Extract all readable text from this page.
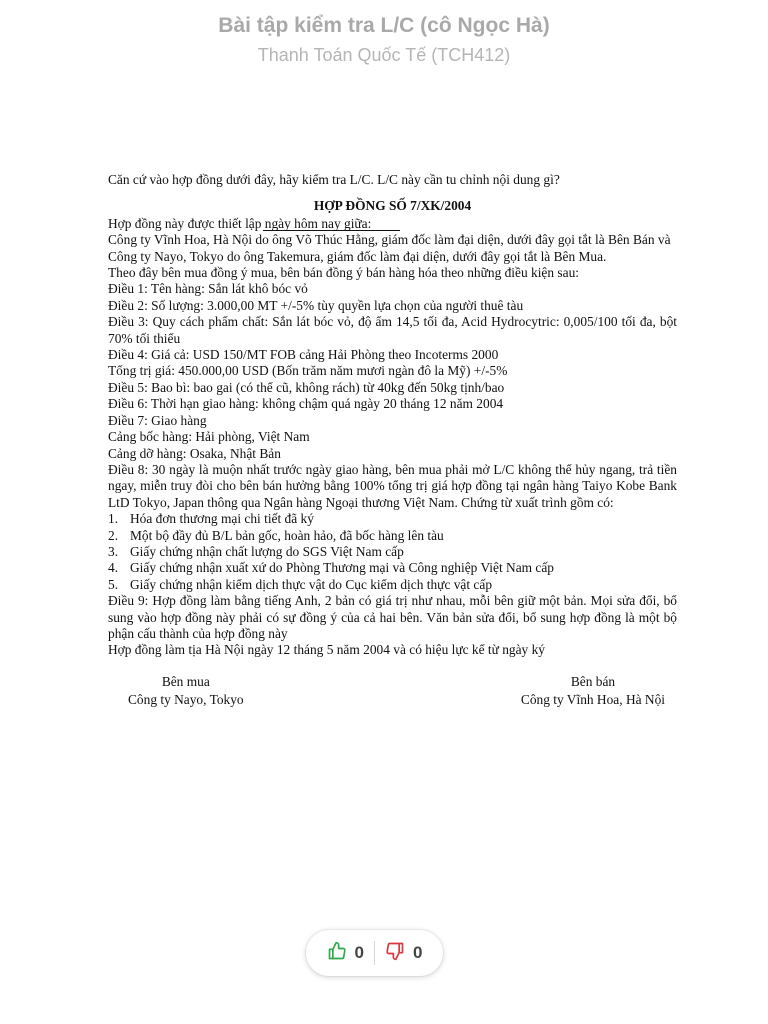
Bài tập kiểm tra L/C (cô Ngọc Hà)
Thanh Toán Quốc Tế (TCH412)
Căn cứ vào hợp đồng dưới đây, hãy kiểm tra L/C. L/C này cần tu chỉnh nội dung gì?
HỢP ĐỒNG SỐ 7/XK/2004
Hợp đồng này được thiết lập ngày hôm nay giữa:
Công ty Vĩnh Hoa, Hà Nội do ông Võ Thúc Hằng, giám đốc làm đại diện, dưới đây gọi tắt là Bên Bán và
Công ty Nayo, Tokyo do ông Takemura, giám đốc làm đại diện, dưới đây gọi tắt là Bên Mua.
Theo đây bên mua đồng ý mua, bên bán đồng ý bán hàng hóa theo những điều kiện sau:
Điều 1: Tên hàng: Sắn lát khô bóc vỏ
Điều 2: Số lượng: 3.000,00 MT +/-5% tùy quyền lựa chọn của người thuê tàu
Điều 3: Quy cách phẩm chất: Sắn lát bóc vỏ, độ ẩm 14,5 tối đa, Acid Hydrocytric: 0,005/100 tối đa, bột 70% tối thiểu
Điều 4: Giá cả: USD 150/MT FOB cảng Hải Phòng theo Incoterms 2000
Tổng trị giá: 450.000,00 USD (Bốn trăm năm mươi ngàn đô la Mỹ) +/-5%
Điều 5: Bao bì: bao gai (có thể cũ, không rách) từ 40kg đến 50kg tịnh/bao
Điều 6: Thời hạn giao hàng: không chậm quá ngày 20 tháng 12 năm 2004
Điều 7: Giao hàng
Cảng bốc hàng: Hải phòng, Việt Nam
Cảng dỡ hàng: Osaka, Nhật Bản
Điều 8: 30 ngày là muộn nhất trước ngày giao hàng, bên mua phải mở L/C không thể hủy ngang, trả tiền ngay, miễn truy đòi cho bên bán hưởng bằng 100% tổng trị giá hợp đồng tại ngân hàng Taiyo Kobe Bank LtD Tokyo, Japan thông qua Ngân hàng Ngoại thương Việt Nam. Chứng từ xuất trình gồm có:
1. Hóa đơn thương mại chi tiết đã ký
2. Một bộ đầy đủ B/L bản gốc, hoàn hảo, đã bốc hàng lên tàu
3. Giấy chứng nhận chất lượng do SGS Việt Nam cấp
4. Giấy chứng nhận xuất xứ do Phòng Thương mại và Công nghiệp Việt Nam cấp
5. Giấy chứng nhận kiểm dịch thực vật do Cục kiểm dịch thực vật cấp
Điều 9: Hợp đồng làm bằng tiếng Anh, 2 bản có giá trị như nhau, mỗi bên giữ một bản. Mọi sửa đổi, bổ sung vào hợp đồng này phải có sự đồng ý của cả hai bên. Văn bản sửa đổi, bổ sung hợp đồng là một bộ phận cấu thành của hợp đồng này
Hợp đồng làm tịa Hà Nội ngày 12 tháng 5 năm 2004 và có hiệu lực kể từ ngày ký
Bên mua
Công ty Nayo, Tokyo
Bên bán
Công ty Vĩnh Hoa, Hà Nội
0	0
